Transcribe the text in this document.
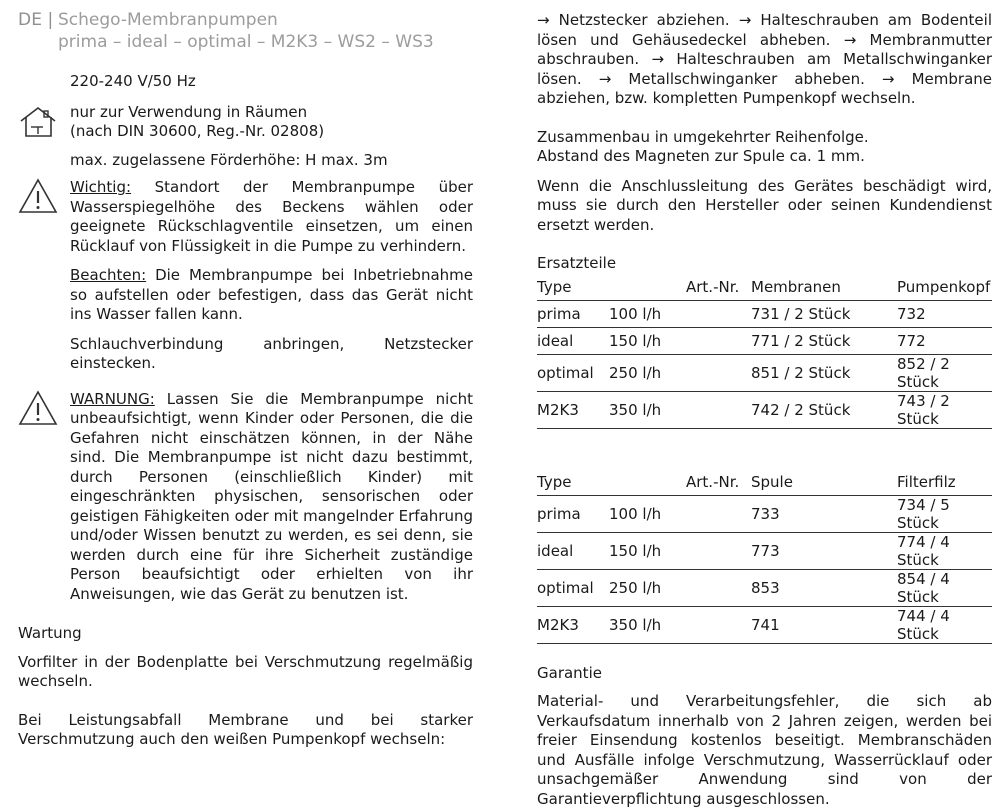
DE | Schego-Membranpumpen
prima – ideal – optimal – M2K3 – WS2 – WS3

220-240 V/50 Hz

nur zur Verwendung in Räumen

(nach DIN 30600, Reg.-Nr. 02808)

max. zugelassene Förderhöhe: H max. 3m

Wichtig: Standort der Membranpumpe über Wasserspiegelhöhe des Beckens wählen oder geeignete Rückschlagventile einsetzen, um einen Rücklauf von Flüssigkeit in die Pumpe zu verhindern.

Beachten: Die Membranpumpe bei Inbetriebnahme so aufstellen oder befestigen, dass das Gerät nicht ins Wasser fallen kann.

Schlauchverbindung anbringen, Netzstecker einstecken.

WARNUNG: Lassen Sie die Membranpumpe nicht unbeaufsichtigt, wenn Kinder oder Personen, die die Gefahren nicht einschätzen können, in der Nähe sind. Die Membranpumpe ist nicht dazu bestimmt, durch Personen (einschließlich Kinder) mit eingeschränkten physischen, sensorischen oder geistigen Fähigkeiten oder mit mangelnder Erfahrung und/oder Wissen benutzt zu werden, es sei denn, sie werden durch eine für ihre Sicherheit zuständige Person beaufsichtigt oder erhielten von ihr Anweisungen, wie das Gerät zu benutzen ist.

Wartung

Vorfilter in der Bodenplatte bei Verschmutzung regelmäßig wechseln.

Bei Leistungsabfall Membrane und bei starker Verschmutzung auch den weißen Pumpenkopf wechseln:

→ Netzstecker abziehen. → Halteschrauben am Bodenteil lösen und Gehäusedeckel abheben. → Membranmutter abschrauben. → Halteschrauben am Metallschwinganker lösen. → Metallschwinganker abheben. → Membrane abziehen, bzw. kompletten Pumpenkopf wechseln.

Zusammenbau in umgekehrter Reihenfolge.

Abstand des Magneten zur Spule ca. 1 mm.

Wenn die Anschlussleitung des Gerätes beschädigt wird, muss sie durch den Hersteller oder seinen Kundendienst ersetzt werden.

Ersatzteile

Type		Art.-Nr.	Membranen	Pumpenkopf
prima	100 l/h		731 / 2 Stück	732
ideal	150 l/h		771 / 2 Stück	772
optimal	250 l/h		851 / 2 Stück	852 / 2 Stück
M2K3	350 l/h		742 / 2 Stück	743 / 2 Stück
Type		Art.-Nr.	Spule	Filterfilz
prima	100 l/h		733	734 / 5 Stück
ideal	150 l/h		773	774 / 4 Stück
optimal	250 l/h		853	854 / 4 Stück
M2K3	350 l/h		741	744 / 4 Stück

Garantie

Material- und Verarbeitungsfehler, die sich ab Verkaufsdatum innerhalb von 2 Jahren zeigen, werden bei freier Einsendung kostenlos beseitigt. Membranschäden und Ausfälle infolge Verschmutzung, Wasserrücklauf oder unsachgemäßer Anwendung sind von der Garantieverpflichtung ausgeschlossen.
